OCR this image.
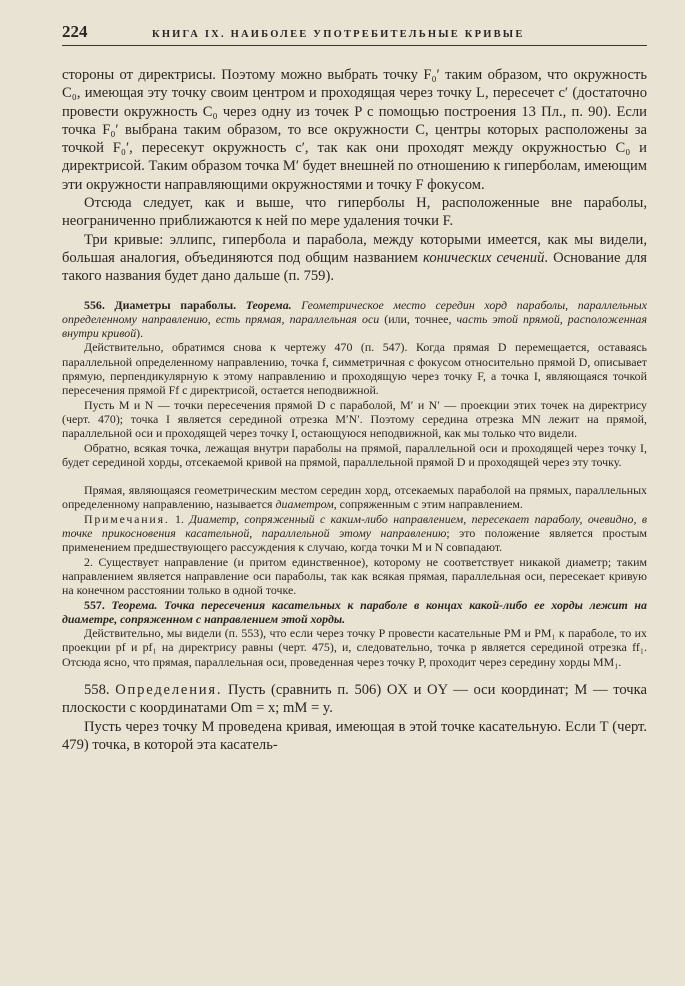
224	КНИГА IX. НАИБОЛЕЕ УПОТРЕБИТЕЛЬНЫЕ КРИВЫЕ

стороны от директрисы. Поэтому можно выбрать точку F₀′ таким образом, что окружность C₀, имеющая эту точку своим центром и проходящая через точку L, пересечет c′ (достаточно провести окружность C₀ через одну из точек P с помощью построения 13 Пл., п. 90). Если точка F₀′ выбрана таким образом, то все окружности C, центры которых расположены за точкой F₀′, пересекут окружность c′, так как они проходят между окружностью C₀ и директрисой. Таким образом точка M′ будет внешней по отношению к гиперболам, имеющим эти окружности направляющими окружностями и точку F фокусом.

Отсюда следует, как и выше, что гиперболы H, расположенные вне параболы, неограниченно приближаются к ней по мере удаления точки F.

Три кривые: эллипс, гипербола и парабола, между которыми имеется, как мы видели, большая аналогия, объединяются под общим названием конических сечений. Основание для такого названия будет дано дальше (п. 759).

556. Диаметры параболы. Теорема. Геометрическое место середин хорд параболы, параллельных определенному направлению, есть прямая, параллельная оси (или, точнее, часть этой прямой, расположенная внутри кривой).

Действительно, обратимся снова к чертежу 470 (п. 547). Когда прямая D перемещается, оставаясь параллельной определенному направлению, точка f, симметричная с фокусом относительно прямой D, описывает прямую, перпендикулярную к этому направлению и проходящую через точку F, а точка I, являющаяся точкой пересечения прямой Ff с директрисой, остается неподвижной.

Пусть M и N — точки пересечения прямой D с параболой, M′ и N′ — проекции этих точек на директрису (черт. 470); точка I является серединой отрезка M′N′. Поэтому середина отрезка MN лежит на прямой, параллельной оси и проходящей через точку I, остающуюся неподвижной, как мы только что видели.

Обратно, всякая точка, лежащая внутри параболы на прямой, параллельной оси и проходящей через точку I, будет серединой хорды, отсекаемой кривой на прямой, параллельной прямой D и проходящей через эту точку.

Прямая, являющаяся геометрическим местом середин хорд, отсекаемых параболой на прямых, параллельных определенному направлению, называется диаметром, сопряженным с этим направлением.

Примечания. 1. Диаметр, сопряженный с каким-либо направлением, пересекает параболу, очевидно, в точке прикосновения касательной, параллельной этому направлению; это положение является простым применением предшествующего рассуждения к случаю, когда точки M и N совпадают.

2. Существует направление (и притом единственное), которому не соответствует никакой диаметр; таким направлением является направление оси параболы, так как всякая прямая, параллельная оси, пересекает кривую на конечном расстоянии только в одной точке.

557. Теорема. Точка пересечения касательных к параболе в концах какой-либо ее хорды лежит на диаметре, сопряженном с направлением этой хорды.

Действительно, мы видели (п. 553), что если через точку P провести касательные PM и PM₁ к параболе, то их проекции pf и pf₁ на директрису равны (черт. 475), и, следовательно, точка p является серединой отрезка ff₁. Отсюда ясно, что прямая, параллельная оси, проведенная через точку P, проходит через середину хорды MM₁.

558. Определения. Пусть (сравнить п. 506) OX и OY — оси координат; M — точка плоскости с координатами Om = x; mM = y.

Пусть через точку M проведена кривая, имеющая в этой точке касательную. Если T (черт. 479) точка, в которой эта касатель-
